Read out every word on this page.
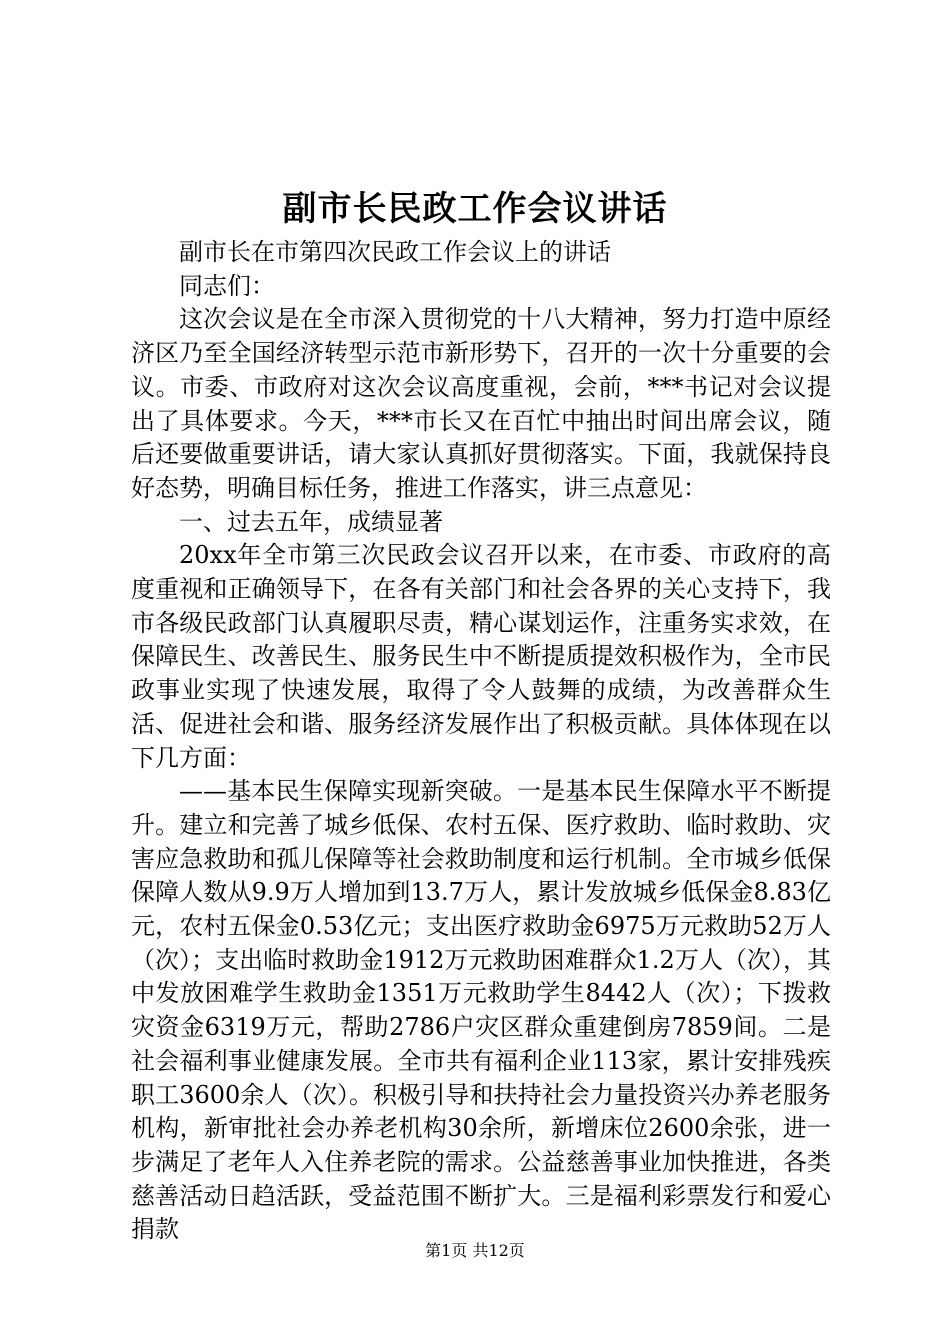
副市长民政工作会议讲话

副市长在市第四次民政工作会议上的讲话

同志们：

这次会议是在全市深入贯彻党的十八大精神，努力打造中原经济区乃至全国经济转型示范市新形势下，召开的一次十分重要的会议。市委、市政府对这次会议高度重视，会前，***书记对会议提出了具体要求。今天，***市长又在百忙中抽出时间出席会议，随后还要做重要讲话，请大家认真抓好贯彻落实。下面，我就保持良好态势，明确目标任务，推进工作落实，讲三点意见：

一、过去五年，成绩显著

20xx年全市第三次民政会议召开以来，在市委、市政府的高度重视和正确领导下，在各有关部门和社会各界的关心支持下，我市各级民政部门认真履职尽责，精心谋划运作，注重务实求效，在保障民生、改善民生、服务民生中不断提质提效积极作为，全市民政事业实现了快速发展，取得了令人鼓舞的成绩，为改善群众生活、促进社会和谐、服务经济发展作出了积极贡献。具体体现在以下几方面：

——基本民生保障实现新突破。一是基本民生保障水平不断提升。建立和完善了城乡低保、农村五保、医疗救助、临时救助、灾害应急救助和孤儿保障等社会救助制度和运行机制。全市城乡低保保障人数从9.9万人增加到13.7万人，累计发放城乡低保金8.83亿元，农村五保金0.53亿元；支出医疗救助金6975万元救助52万人（次）；支出临时救助金1912万元救助困难群众1.2万人（次），其中发放困难学生救助金1351万元救助学生8442人（次）；下拨救灾资金6319万元，帮助2786户灾区群众重建倒房7859间。二是社会福利事业健康发展。全市共有福利企业113家，累计安排残疾职工3600余人（次）。积极引导和扶持社会力量投资兴办养老服务机构，新审批社会办养老机构30余所，新增床位2600余张，进一步满足了老年人入住养老院的需求。公益慈善事业加快推进，各类慈善活动日趋活跃，受益范围不断扩大。三是福利彩票发行和爱心捐款

第1页 共12页
